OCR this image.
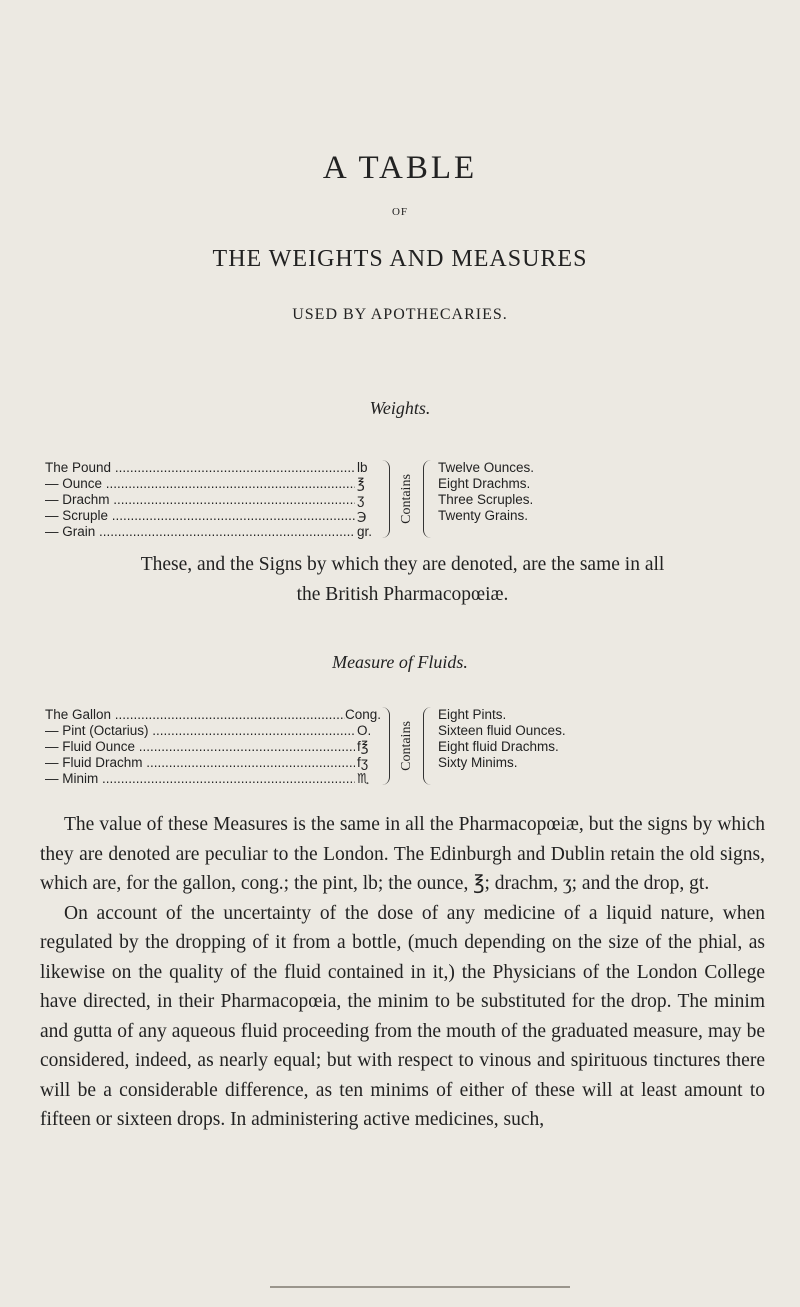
A TABLE
OF
THE WEIGHTS AND MEASURES
USED BY APOTHECARIES.
Weights.
The Pound .....	lb	Twelve Ounces.
— Ounce .....	℥	Eight Drachms.
— Drachm .....	ʒ	Three Scruples.
— Scruple .....	℈	Twenty Grains.
— Grain .....	gr.
Contains

These, and the Signs by which they are denoted, are the same in all

the British Pharmacopœiæ.

Measure of Fluids.
The Gallon .....	Cong.	Eight Pints.
— Pint (Octarius) .....	O.	Sixteen fluid Ounces.
— Fluid Ounce .....	f℥	Eight fluid Drachms.
— Fluid Drachm .....	fʒ	Sixty Minims.
— Minim .....	♏
Contains

The value of these Measures is the same in all the Pharmacopœiæ, but the signs by which they are denoted are peculiar to the London. The Edinburgh and Dublin retain the old signs, which are, for the gallon, cong.; the pint, lb; the ounce, ℥; drachm, ʒ; and the drop, gt.

On account of the uncertainty of the dose of any medicine of a liquid nature, when regulated by the dropping of it from a bottle, (much depending on the size of the phial, as likewise on the quality of the fluid contained in it,) the Physicians of the London College have directed, in their Pharmacopœia, the minim to be substituted for the drop. The minim and gutta of any aqueous fluid proceeding from the mouth of the graduated measure, may be considered, indeed, as nearly equal; but with respect to vinous and spirituous tinctures there will be a considerable difference, as ten minims of either of these will at least amount to fifteen or sixteen drops. In administering active medicines, such,
